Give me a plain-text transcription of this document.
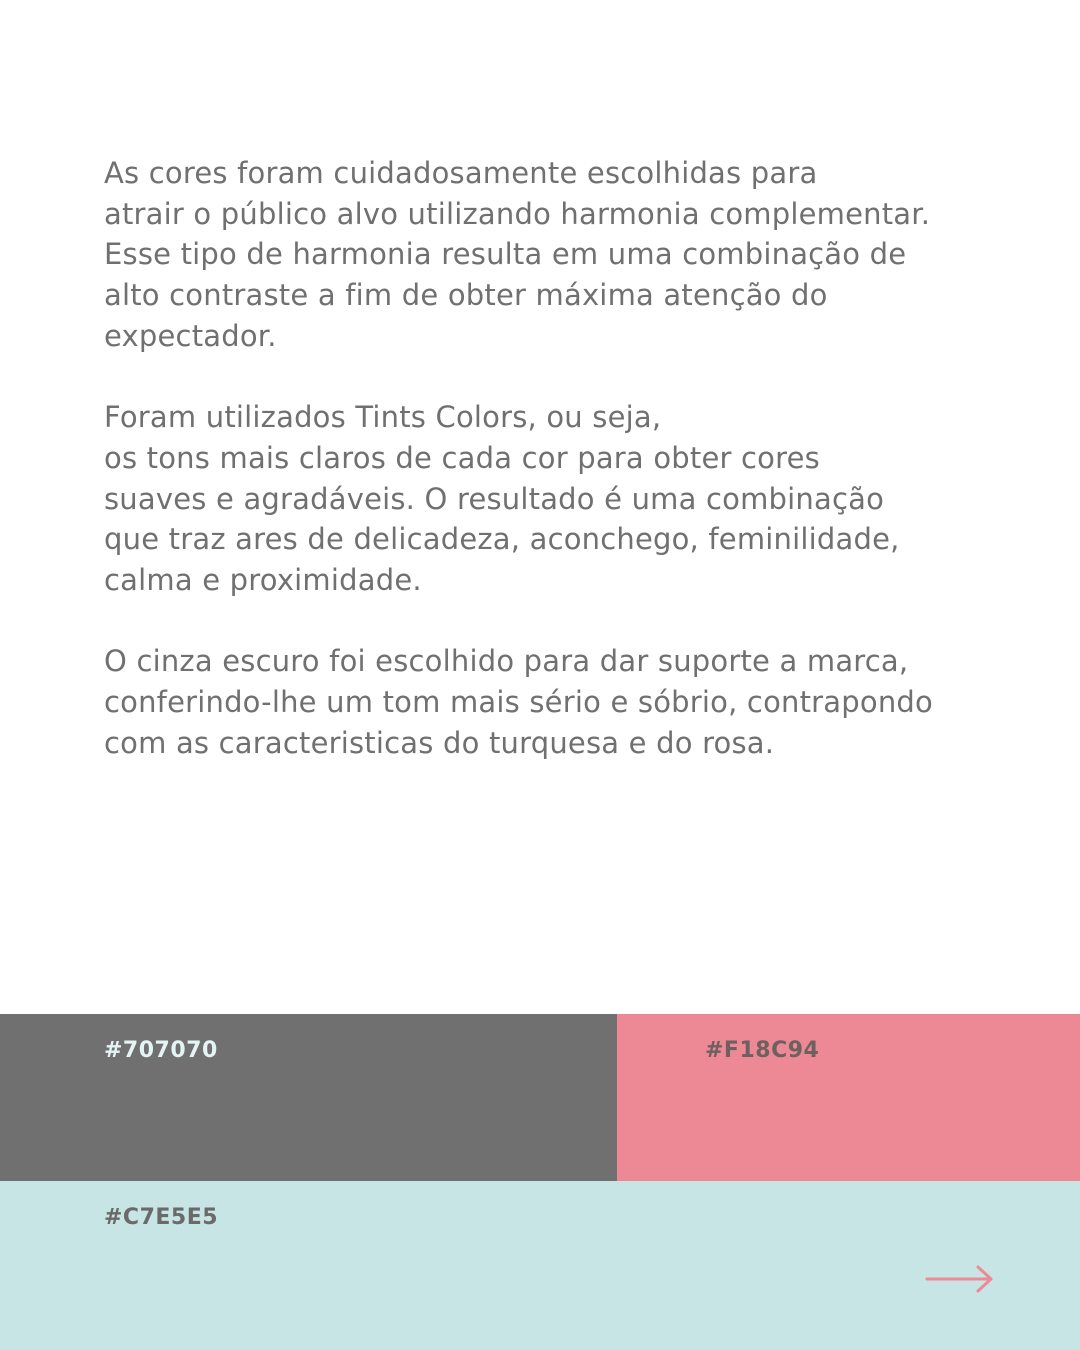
As cores foram cuidadosamente escolhidas para
atrair o público alvo utilizando harmonia complementar.
Esse tipo de harmonia resulta em uma combinação de
alto contraste a fim de obter máxima atenção do
expectador.

Foram utilizados Tints Colors, ou seja,
os tons mais claros de cada cor para obter cores
suaves e agradáveis. O resultado é uma combinação
que traz ares de delicadeza, aconchego, feminilidade,
calma e proximidade.

O cinza escuro foi escolhido para dar suporte a marca,
conferindo-lhe um tom mais sério e sóbrio, contrapondo
com as caracteristicas do turquesa e do rosa.

#707070	#F18C94
#C7E5E5
